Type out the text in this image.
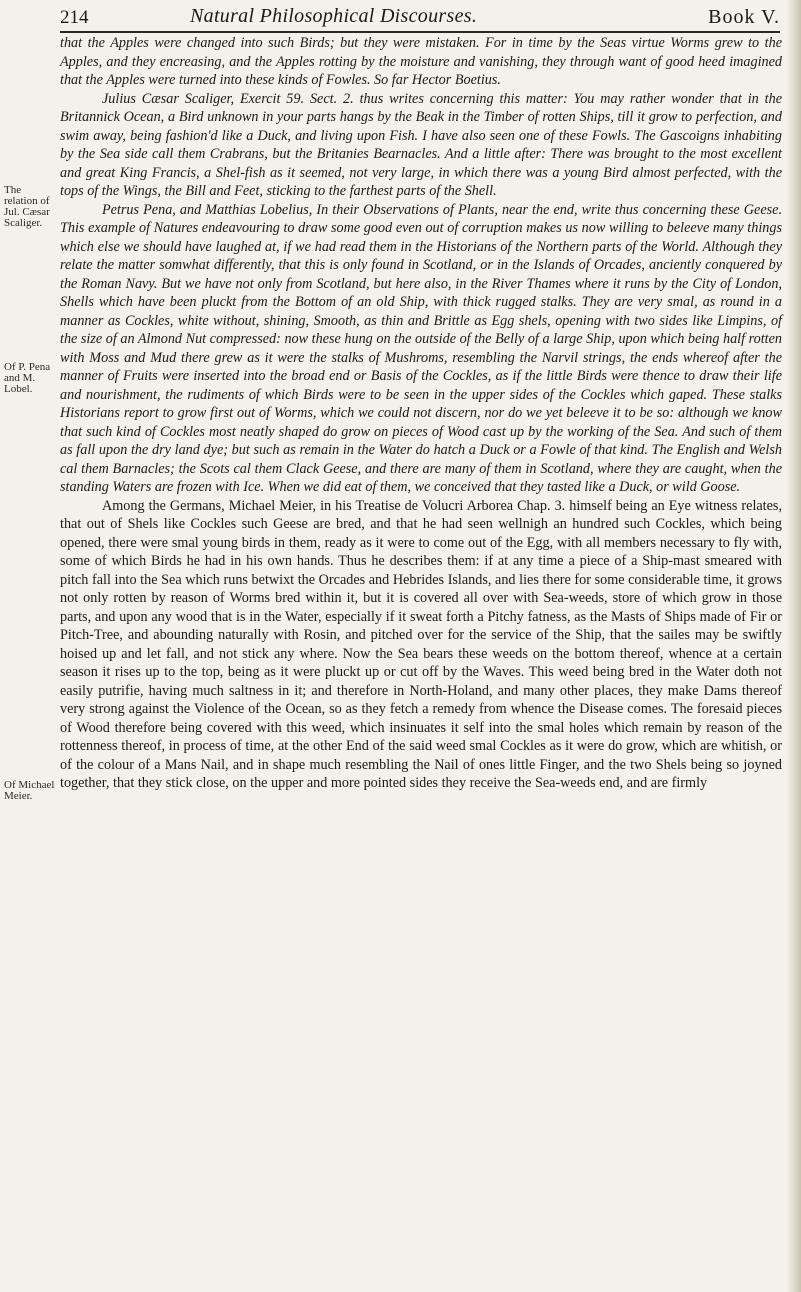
214	Natural Philosophical Discourses.	Book V.
The relation of Jul. Cæsar Scaliger.
Of P. Pena and M. Lobel.
Of Michael Meier.

that the Apples were changed into such Birds; but they were mistaken. For in time by the Seas virtue Worms grew to the Apples, and they encreasing, and the Apples rotting by the moisture and vanishing, they through want of good heed imagined that the Apples were turned into these kinds of Fowles. So far Hector Boetius.

Julius Cæsar Scaliger, Exercit 59. Sect. 2. thus writes concerning this matter: You may rather wonder that in the Britannick Ocean, a Bird unknown in your parts hangs by the Beak in the Timber of rotten Ships, till it grow to perfection, and swim away, being fashion'd like a Duck, and living upon Fish. I have also seen one of these Fowls. The Gascoigns inhabiting by the Sea side call them Crabrans, but the Britanies Bearnacles. And a little after: There was brought to the most excellent and great King Francis, a Shel-fish as it seemed, not very large, in which there was a young Bird almost perfected, with the tops of the Wings, the Bill and Feet, sticking to the farthest parts of the Shell.

Petrus Pena, and Matthias Lobelius, In their Observations of Plants, near the end, write thus concerning these Geese. This example of Natures endeavouring to draw some good even out of corruption makes us now willing to beleeve many things which else we should have laughed at, if we had read them in the Historians of the Northern parts of the World. Although they relate the matter somwhat differently, that this is only found in Scotland, or in the Islands of Orcades, anciently conquered by the Roman Navy. But we have not only from Scotland, but here also, in the River Thames where it runs by the City of London, Shells which have been pluckt from the Bottom of an old Ship, with thick rugged stalks. They are very smal, as round in a manner as Cockles, white without, shining, Smooth, as thin and Brittle as Egg shels, opening with two sides like Limpins, of the size of an Almond Nut compressed: now these hung on the outside of the Belly of a large Ship, upon which being half rotten with Moss and Mud there grew as it were the stalks of Mushroms, resembling the Narvil strings, the ends whereof after the manner of Fruits were inserted into the broad end or Basis of the Cockles, as if the little Birds were thence to draw their life and nourishment, the rudiments of which Birds were to be seen in the upper sides of the Cockles which gaped. These stalks Historians report to grow first out of Worms, which we could not discern, nor do we yet beleeve it to be so: although we know that such kind of Cockles most neatly shaped do grow on pieces of Wood cast up by the working of the Sea. And such of them as fall upon the dry land dye; but such as remain in the Water do hatch a Duck or a Fowle of that kind. The English and Welsh cal them Barnacles; the Scots cal them Clack Geese, and there are many of them in Scotland, where they are caught, when the standing Waters are frozen with Ice. When we did eat of them, we conceived that they tasted like a Duck, or wild Goose.

Among the Germans, Michael Meier, in his Treatise de Volucri Arborea Chap. 3. himself being an Eye witness relates, that out of Shels like Cockles such Geese are bred, and that he had seen wellnigh an hundred such Cockles, which being opened, there were smal young birds in them, ready as it were to come out of the Egg, with all members necessary to fly with, some of which Birds he had in his own hands. Thus he describes them: if at any time a piece of a Ship-mast smeared with pitch fall into the Sea which runs betwixt the Orcades and Hebrides Islands, and lies there for some considerable time, it grows not only rotten by reason of Worms bred within it, but it is covered all over with Sea-weeds, store of which grow in those parts, and upon any wood that is in the Water, especially if it sweat forth a Pitchy fatness, as the Masts of Ships made of Fir or Pitch-Tree, and abounding naturally with Rosin, and pitched over for the service of the Ship, that the sailes may be swiftly hoised up and let fall, and not stick any where. Now the Sea bears these weeds on the bottom thereof, whence at a certain season it rises up to the top, being as it were pluckt up or cut off by the Waves. This weed being bred in the Water doth not easily putrifie, having much saltness in it; and therefore in North-Holand, and many other places, they make Dams thereof very strong against the Violence of the Ocean, so as they fetch a remedy from whence the Disease comes. The foresaid pieces of Wood therefore being covered with this weed, which insinuates it self into the smal holes which remain by reason of the rottenness thereof, in process of time, at the other End of the said weed smal Cockles as it were do grow, which are whitish, or of the colour of a Mans Nail, and in shape much resembling the Nail of ones little Finger, and the two Shels being so joyned together, that they stick close, on the upper and more pointed sides they receive the Sea-weeds end, and are firmly
